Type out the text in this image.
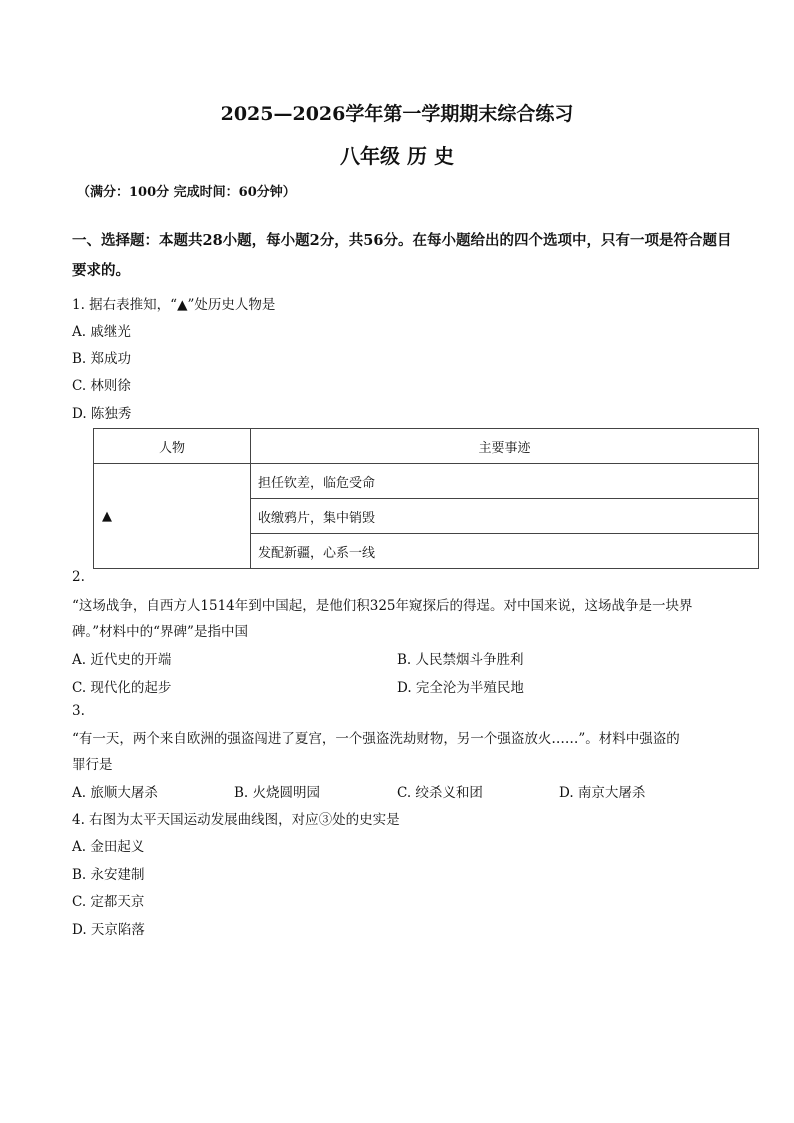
2025—2026学年第一学期期末综合练习
八年级 历 史
（满分：100分 完成时间：60分钟）
一、选择题：本题共28小题，每小题2分，共56分。在每小题给出的四个选项中，只有一项是符合题目要求的。
1. 据右表推知，“▲”处历史人物是
A. 戚继光
B. 郑成功
C. 林则徐
D. 陈独秀
人物	主要事迹
▲	担任钦差，临危受命
	收缴鸦片，集中销毁
	发配新疆，心系一线
2.
“这场战争，自西方人1514年到中国起，是他们积325年窥探后的得逞。对中国来说，这场战争是一块界
碑。”材料中的“界碑”是指中国
A. 近代史的开端	B. 人民禁烟斗争胜利
C. 现代化的起步	D. 完全沦为半殖民地
3.
“有一天，两个来自欧洲的强盗闯进了夏宫，一个强盗洗劫财物，另一个强盗放火……”。材料中强盗的
罪行是
A. 旅顺大屠杀	B. 火烧圆明园	C. 绞杀义和团	D. 南京大屠杀
4. 右图为太平天国运动发展曲线图，对应③处的史实是
A. 金田起义
B. 永安建制
C. 定都天京
D. 天京陷落
